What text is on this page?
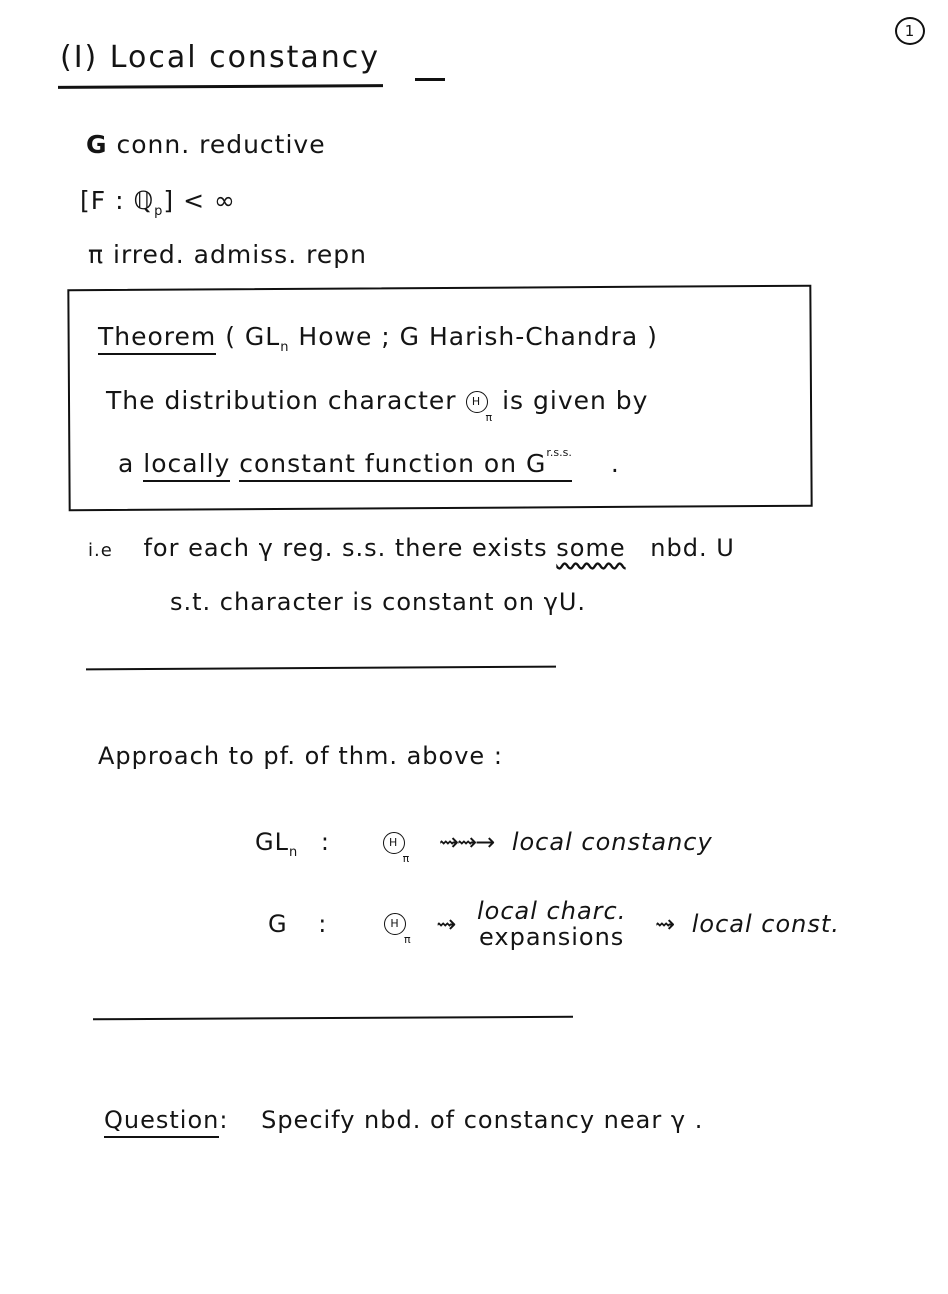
1
(I) Local constancy
G conn. reductive
[F : ℚ$_p$] < ∞
π irred. admiss. repn
Theorem ( $GL_n$ Howe ; G Harish-Chandra )
The distribution character $H_\pi$ is given by
a locally constant function on $G^{r.s.s.}$ .
i.e for each γ reg. s.s. there exists some nbd. U
s.t. character is constant on γU.
Approach to pf. of thm. above :
$GL_n$ :	$H_\pi$ ⇝⇝→ local constancy
G :	$H_\pi$ ⇝ local charc.
expansions ⇝ local const.
Question: Specify nbd. of constancy near γ .
